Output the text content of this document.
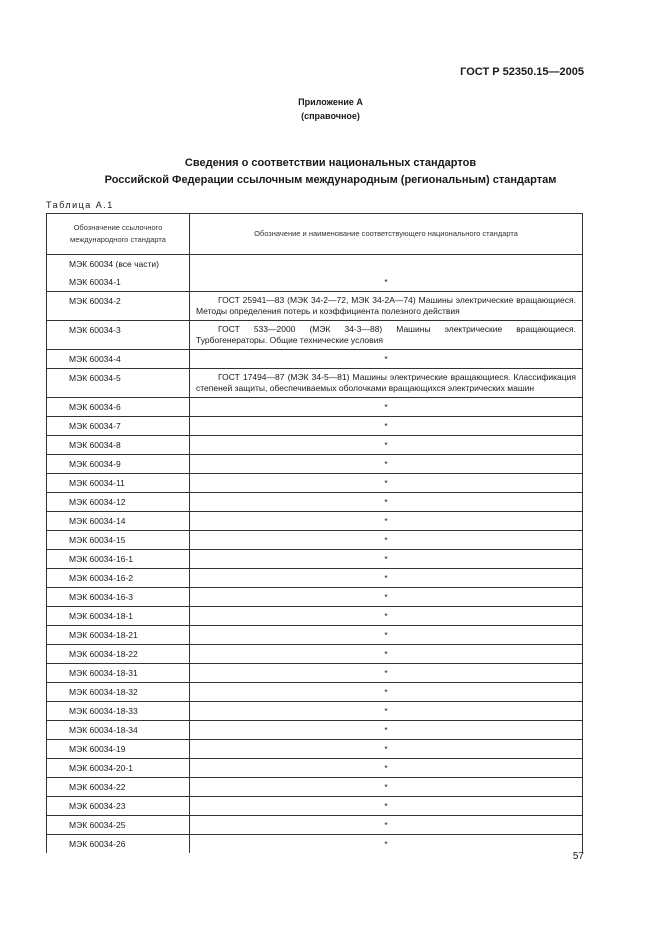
ГОСТ Р 52350.15—2005
Приложение А
(справочное)
Сведения о соответствии национальных стандартов
Российской Федерации ссылочным международным (региональным) стандартам
Таблица А.1
Обозначение ссылочного международного стандарта	Обозначение и наименование соответствующего национального стандарта
МЭК 60034 (все части)	
МЭК 60034-1	*
МЭК 60034-2	ГОСТ 25941—83 (МЭК 34-2—72, МЭК 34-2А—74) Машины электрические вращающиеся. Методы определения потерь и коэффициента полезного действия

МЭК 60034-3	ГОСТ 533—2000 (МЭК 34-3—88) Машины электрические вращающиеся. Турбогенераторы. Общие технические условия

МЭК 60034-4	*
МЭК 60034-5	ГОСТ 17494—87 (МЭК 34-5—81) Машины электрические вращающиеся. Классификация степеней защиты, обеспечиваемых оболочками вращающихся электрических машин

МЭК 60034-6	*
МЭК 60034-7	*
МЭК 60034-8	*
МЭК 60034-9	*
МЭК 60034-11	*
МЭК 60034-12	*
МЭК 60034-14	*
МЭК 60034-15	*
МЭК 60034-16-1	*
МЭК 60034-16-2	*
МЭК 60034-16-3	*
МЭК 60034-18-1	*
МЭК 60034-18-21	*
МЭК 60034-18-22	*
МЭК 60034-18-31	*
МЭК 60034-18-32	*
МЭК 60034-18-33	*
МЭК 60034-18-34	*
МЭК 60034-19	*
МЭК 60034-20-1	*
МЭК 60034-22	*
МЭК 60034-23	*
МЭК 60034-25	*
МЭК 60034-26	*
57
